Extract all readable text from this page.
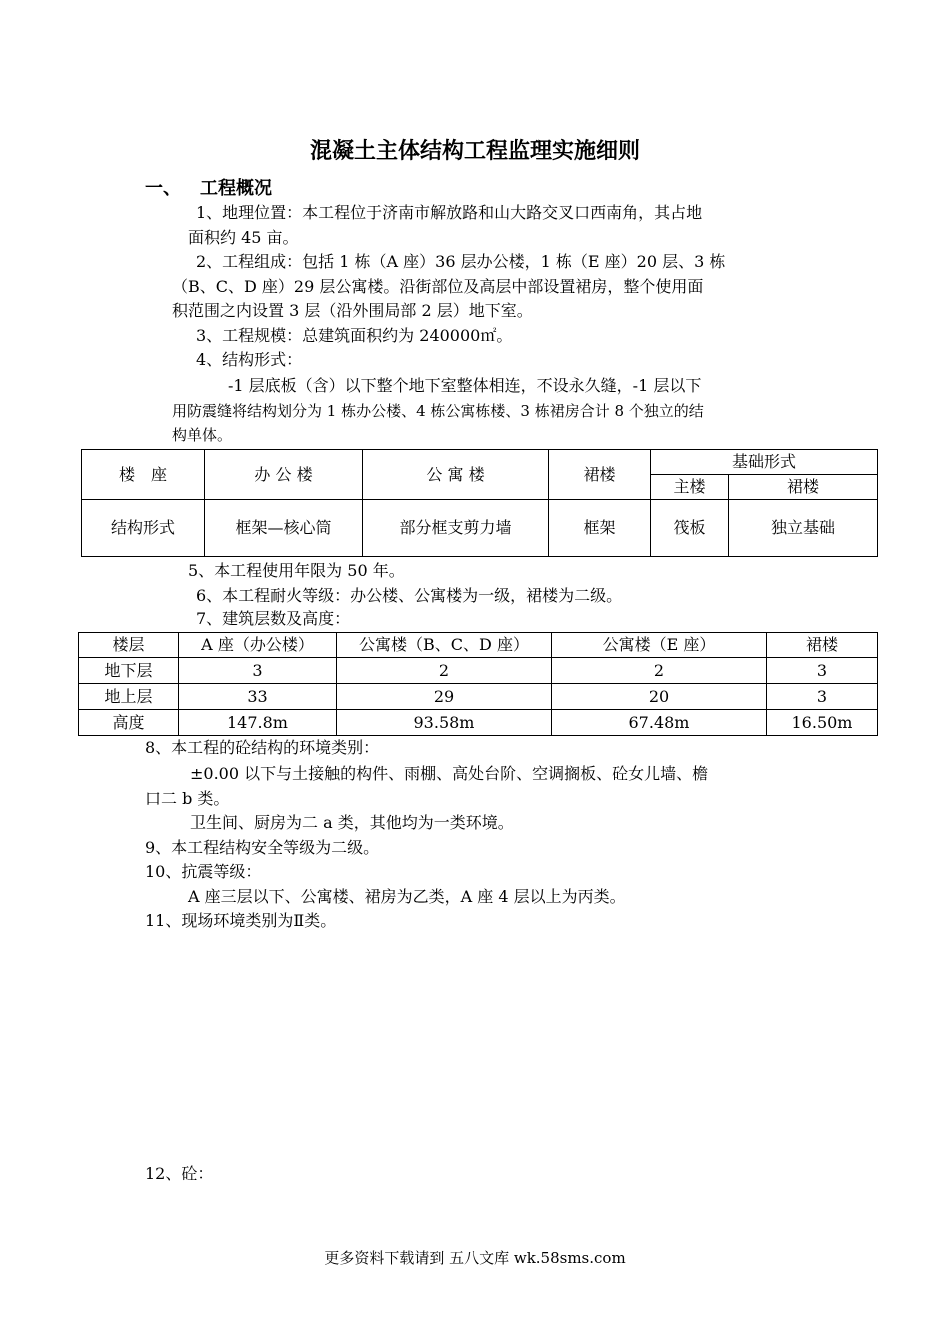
混凝土主体结构工程监理实施细则
一、 工程概况
1、地理位置：本工程位于济南市解放路和山大路交叉口西南角，其占地
面积约 45 亩。
2、工程组成：包括 1 栋（A 座）36 层办公楼，1 栋（E 座）20 层、3 栋
（B、C、D 座）29 层公寓楼。沿街部位及高层中部设置裙房，整个使用面
积范围之内设置 3 层（沿外围局部 2 层）地下室。
3、工程规模：总建筑面积约为 240000㎡。
4、结构形式：
-1 层底板（含）以下整个地下室整体相连，不设永久缝，-1 层以下
用防震缝将结构划分为 1 栋办公楼、4 栋公寓栋楼、3 栋裙房合计 8 个独立的结
构单体。
楼　座	办 公 楼	公 寓 楼	裙楼	基础形式	
				主楼	裙楼
结构形式	框架—核心筒	部分框支剪力墙	框架	筏板	独立基础
5、本工程使用年限为 50 年。
6、本工程耐火等级：办公楼、公寓楼为一级，裙楼为二级。
7、建筑层数及高度：
楼层	A 座（办公楼）	公寓楼（B、C、D 座）	公寓楼（E 座）	裙楼
地下层	3	2	2	3
地上层	33	29	20	3
高度	147.8m	93.58m	67.48m	16.50m
8、本工程的砼结构的环境类别：
±0.00 以下与土接触的构件、雨棚、高处台阶、空调搁板、砼女儿墙、檐
口二 b 类。
卫生间、厨房为二 a 类，其他均为一类环境。
9、本工程结构安全等级为二级。
10、抗震等级：
A 座三层以下、公寓楼、裙房为乙类，A 座 4 层以上为丙类。
11、现场环境类别为Ⅱ类。
12、砼：
更多资料下载请到 五八文库 wk.58sms.com
